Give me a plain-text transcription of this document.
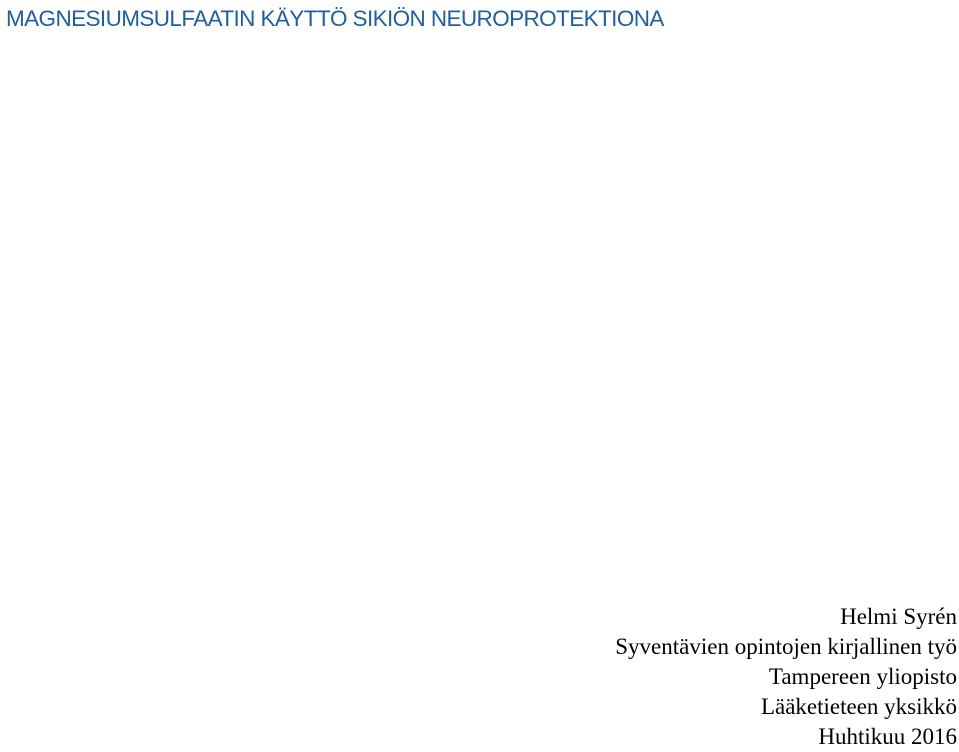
MAGNESIUMSULFAATIN KÄYTTÖ SIKIÖN NEUROPROTEKTIONA
Helmi Syrén
Syventävien opintojen kirjallinen työ
Tampereen yliopisto
Lääketieteen yksikkö
Huhtikuu 2016
